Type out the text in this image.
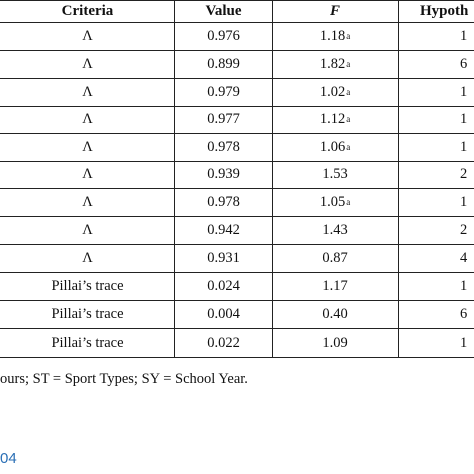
Criteria	Value	F	Hypoth
Λ	0.976	1.18 a	1
Λ	0.899	1.82 a	6
Λ	0.979	1.02 a	1
Λ	0.977	1.12 a	1
Λ	0.978	1.06 a	1
Λ	0.939	1.53	2
Λ	0.978	1.05 a	1
Λ	0.942	1.43	2
Λ	0.931	0.87	4
Pillai’s trace	0.024	1.17	1
Pillai’s trace	0.004	0.40	6
Pillai’s trace	0.022	1.09	1
ours; ST = Sport Types; SY = School Year.
04
